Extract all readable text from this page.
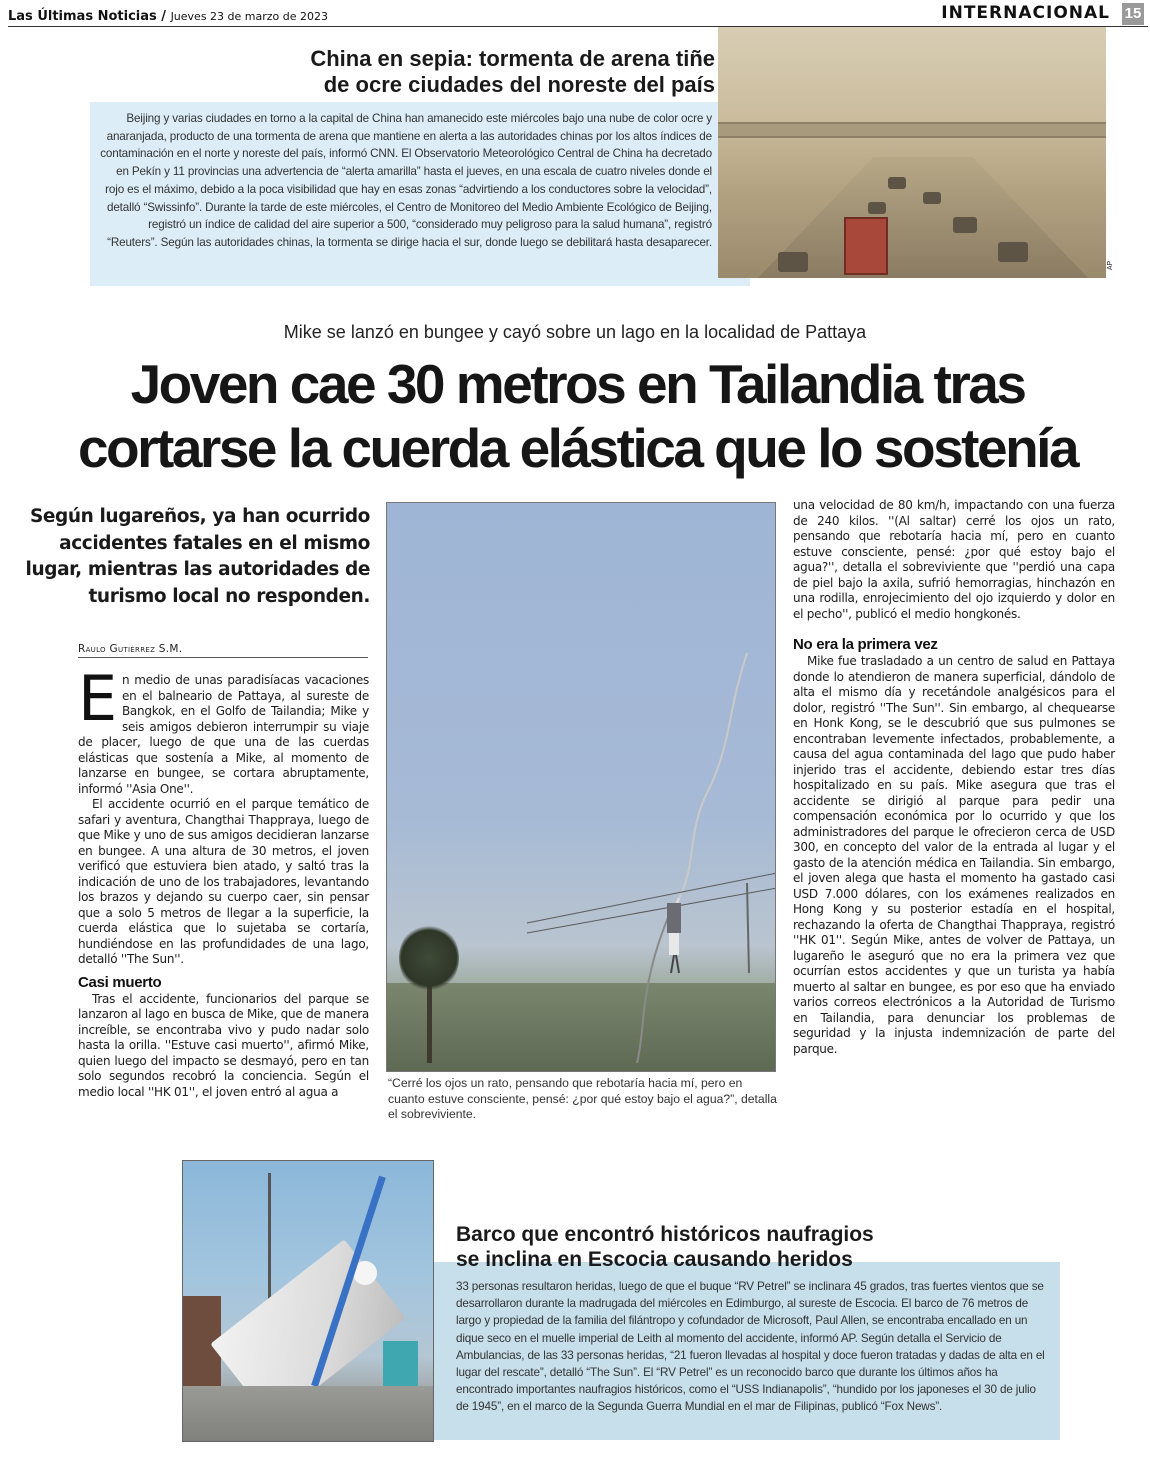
Las Últimas Noticias / Jueves 23 de marzo de 2023	INTERNACIONAL 15
China en sepia: tormenta de arena tiñe
de ocre ciudades del noreste del país
Beijing y varias ciudades en torno a la capital de China han amanecido este miércoles bajo una nube de color ocre y anaranjada, producto de una tormenta de arena que mantiene en alerta a las autoridades chinas por los altos índices de contaminación en el norte y noreste del país, informó CNN. El Observatorio Meteorológico Central de China ha decretado en Pekín y 11 provincias una advertencia de “alerta amarilla” hasta el jueves, en una escala de cuatro niveles donde el rojo es el máximo, debido a la poca visibilidad que hay en esas zonas “advirtiendo a los conductores sobre la velocidad”, detalló “Swissinfo”. Durante la tarde de este miércoles, el Centro de Monitoreo del Medio Ambiente Ecológico de Beijing, registró un índice de calidad del aire superior a 500, “considerado muy peligroso para la salud humana”, registró “Reuters”. Según las autoridades chinas, la tormenta se dirige hacia el sur, donde luego se debilitará hasta desaparecer.
AP
Mike se lanzó en bungee y cayó sobre un lago en la localidad de Pattaya
Joven cae 30 metros en Tailandia tras
cortarse la cuerda elástica que lo sostenía
Según lugareños, ya han ocurrido accidentes fatales en el mismo lugar, mientras las autoridades de turismo local no responden.
Raulo Gutiérrez S.M.

En medio de unas paradisíacas vacaciones en el balneario de Pattaya, al sureste de Bangkok, en el Golfo de Tailandia; Mike y seis amigos debieron interrumpir su viaje de placer, luego de que una de las cuerdas elásticas que sostenía a Mike, al momento de lanzarse en bungee, se cortara abruptamente, informó ''Asia One''.

El accidente ocurrió en el parque temático de safari y aventura, Changthai Thappraya, luego de que Mike y uno de sus amigos decidieran lanzarse en bungee. A una altura de 30 metros, el joven verificó que estuviera bien atado, y saltó tras la indicación de uno de los trabajadores, levantando los brazos y dejando su cuerpo caer, sin pensar que a solo 5 metros de llegar a la superficie, la cuerda elástica que lo sujetaba se cortaría, hundiéndose en las profundidades de una lago, detalló ''The Sun''.

Casi muerto

Tras el accidente, funcionarios del parque se lanzaron al lago en busca de Mike, que de manera increíble, se encontraba vivo y pudo nadar solo hasta la orilla. ''Estuve casi muerto'', afirmó Mike, quien luego del impacto se desmayó, pero en tan solo segundos recobró la conciencia. Según el medio local ''HK 01'', el joven entró al agua a

“Cerré los ojos un rato, pensando que rebotaría hacia mí, pero en cuanto estuve consciente, pensé: ¿por qué estoy bajo el agua?”, detalla el sobreviviente.

una velocidad de 80 km/h, impactando con una fuerza de 240 kilos. ''(Al saltar) cerré los ojos un rato, pensando que rebotaría hacia mí, pero en cuanto estuve consciente, pensé: ¿por qué estoy bajo el agua?'', detalla el sobreviviente que ''perdió una capa de piel bajo la axila, sufrió hemorragias, hinchazón en una rodilla, enrojecimiento del ojo izquierdo y dolor en el pecho'', publicó el medio hongkonés.

No era la primera vez

Mike fue trasladado a un centro de salud en Pattaya donde lo atendieron de manera superficial, dándolo de alta el mismo día y recetándole analgésicos para el dolor, registró ''The Sun''. Sin embargo, al chequearse en Honk Kong, se le descubrió que sus pulmones se encontraban levemente infectados, probablemente, a causa del agua contaminada del lago que pudo haber injerido tras el accidente, debiendo estar tres días hospitalizado en su país. Mike asegura que tras el accidente se dirigió al parque para pedir una compensación económica por lo ocurrido y que los administradores del parque le ofrecieron cerca de USD 300, en concepto del valor de la entrada al lugar y el gasto de la atención médica en Tailandia. Sin embargo, el joven alega que hasta el momento ha gastado casi USD 7.000 dólares, con los exámenes realizados en Hong Kong y su posterior estadía en el hospital, rechazando la oferta de Changthai Thappraya, registró ''HK 01''. Según Mike, antes de volver de Pattaya, un lugareño le aseguró que no era la primera vez que ocurrían estos accidentes y que un turista ya había muerto al saltar en bungee, es por eso que ha enviado varios correos electrónicos a la Autoridad de Turismo en Tailandia, para denunciar los problemas de seguridad y la injusta indemnización de parte del parque.

Barco que encontró históricos naufragios
se inclina en Escocia causando heridos
33 personas resultaron heridas, luego de que el buque “RV Petrel” se inclinara 45 grados, tras fuertes vientos que se desarrollaron durante la madrugada del miércoles en Edimburgo, al sureste de Escocia. El barco de 76 metros de largo y propiedad de la familia del filántropo y cofundador de Microsoft, Paul Allen, se encontraba encallado en un dique seco en el muelle imperial de Leith al momento del accidente, informó AP. Según detalla el Servicio de Ambulancias, de las 33 personas heridas, “21 fueron llevadas al hospital y doce fueron tratadas y dadas de alta en el lugar del rescate”, detalló “The Sun”. El “RV Petrel” es un reconocido barco que durante los últimos años ha encontrado importantes naufragios históricos, como el “USS Indianapolis”, “hundido por los japoneses el 30 de julio de 1945”, en el marco de la Segunda Guerra Mundial en el mar de Filipinas, publicó “Fox News”.
